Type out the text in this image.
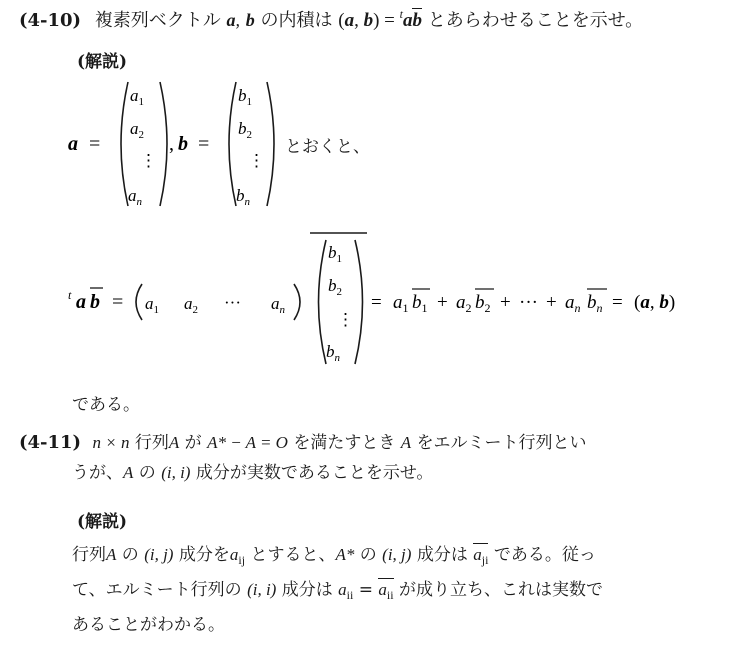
(4-10) 複素列ベクトル a, b の内積は (a, b) = $^t$ab とあらわせることを示せ。
(解説)
a =
$a_1$
$a_2$
⋮
$a_n$
, b =
$b_1$
$b_2$
⋮
$b_n$
とおくと、
t a $b = a_1$ $a_2$ ··· $a_n$
$b_1$
$b_2$
⋮
$b_n$
= $a_1$ $b_1 + a_2$ $b_2$ + ··· + $a_n$ $b_n = (a$, b)
である。
(4-11) n × n 行列A が A* − A = O を満たすとき A をエルミート行列とい
うが、A の (i, i) 成分が実数であることを示せ。
(解説)
行列A の (i, j) 成分を$a_{ij}$ とすると、A* の (i, j) 成分は $a_{ji}$ である。従っ
て、エルミート行列の (i, i) 成分は $a_{ii} = a_{ii}$ が成り立ち、これは実数で
あることがわかる。
